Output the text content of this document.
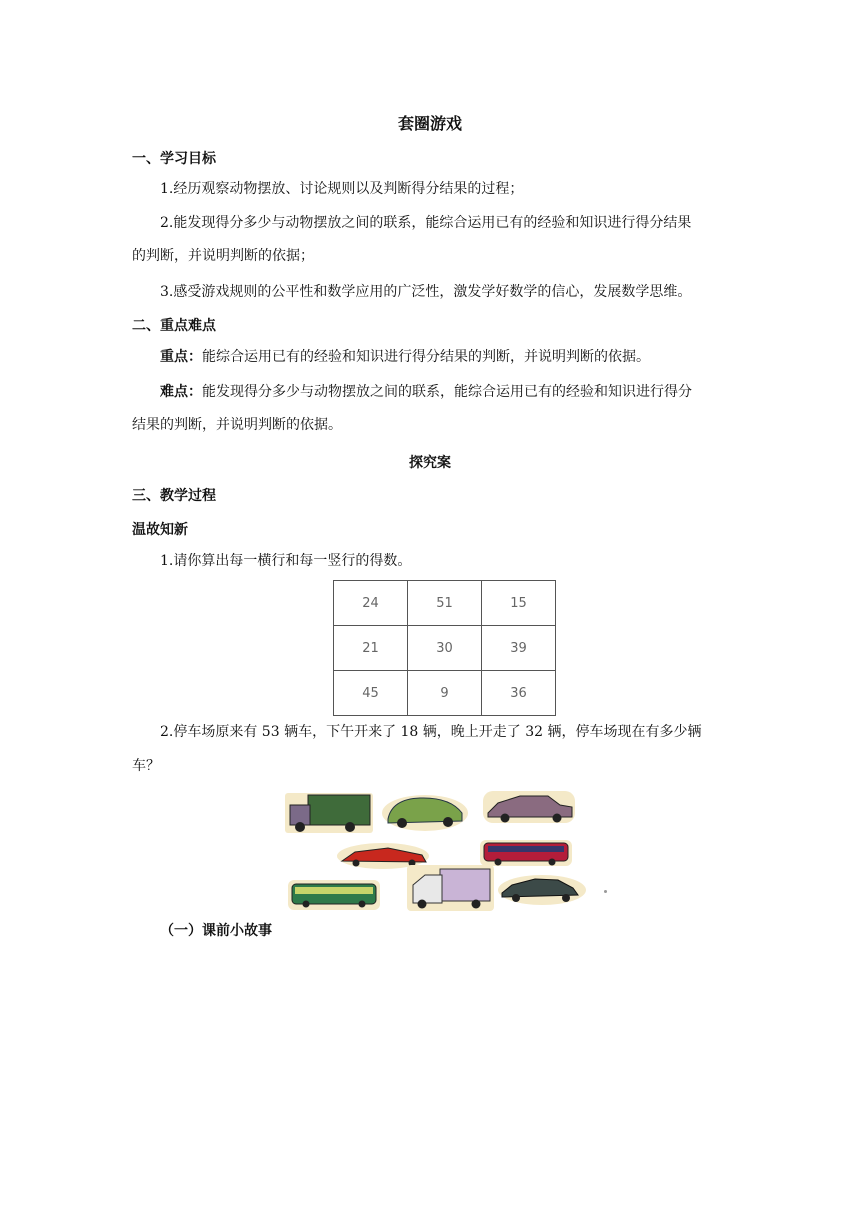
套圈游戏
一、学习目标
1.经历观察动物摆放、讨论规则以及判断得分结果的过程；
2.能发现得分多少与动物摆放之间的联系，能综合运用已有的经验和知识进行得分结果
的判断，并说明判断的依据；
3.感受游戏规则的公平性和数学应用的广泛性，激发学好数学的信心，发展数学思维。
二、重点难点
重点：能综合运用已有的经验和知识进行得分结果的判断，并说明判断的依据。
难点：能发现得分多少与动物摆放之间的联系，能综合运用已有的经验和知识进行得分
结果的判断，并说明判断的依据。
探究案
三、教学过程
温故知新
1.请你算出每一横行和每一竖行的得数。
24	51	15
21	30	39
45	9	36
2.停车场原来有 53 辆车，下午开来了 18 辆，晚上开走了 32 辆，停车场现在有多少辆
车？
（一）课前小故事
